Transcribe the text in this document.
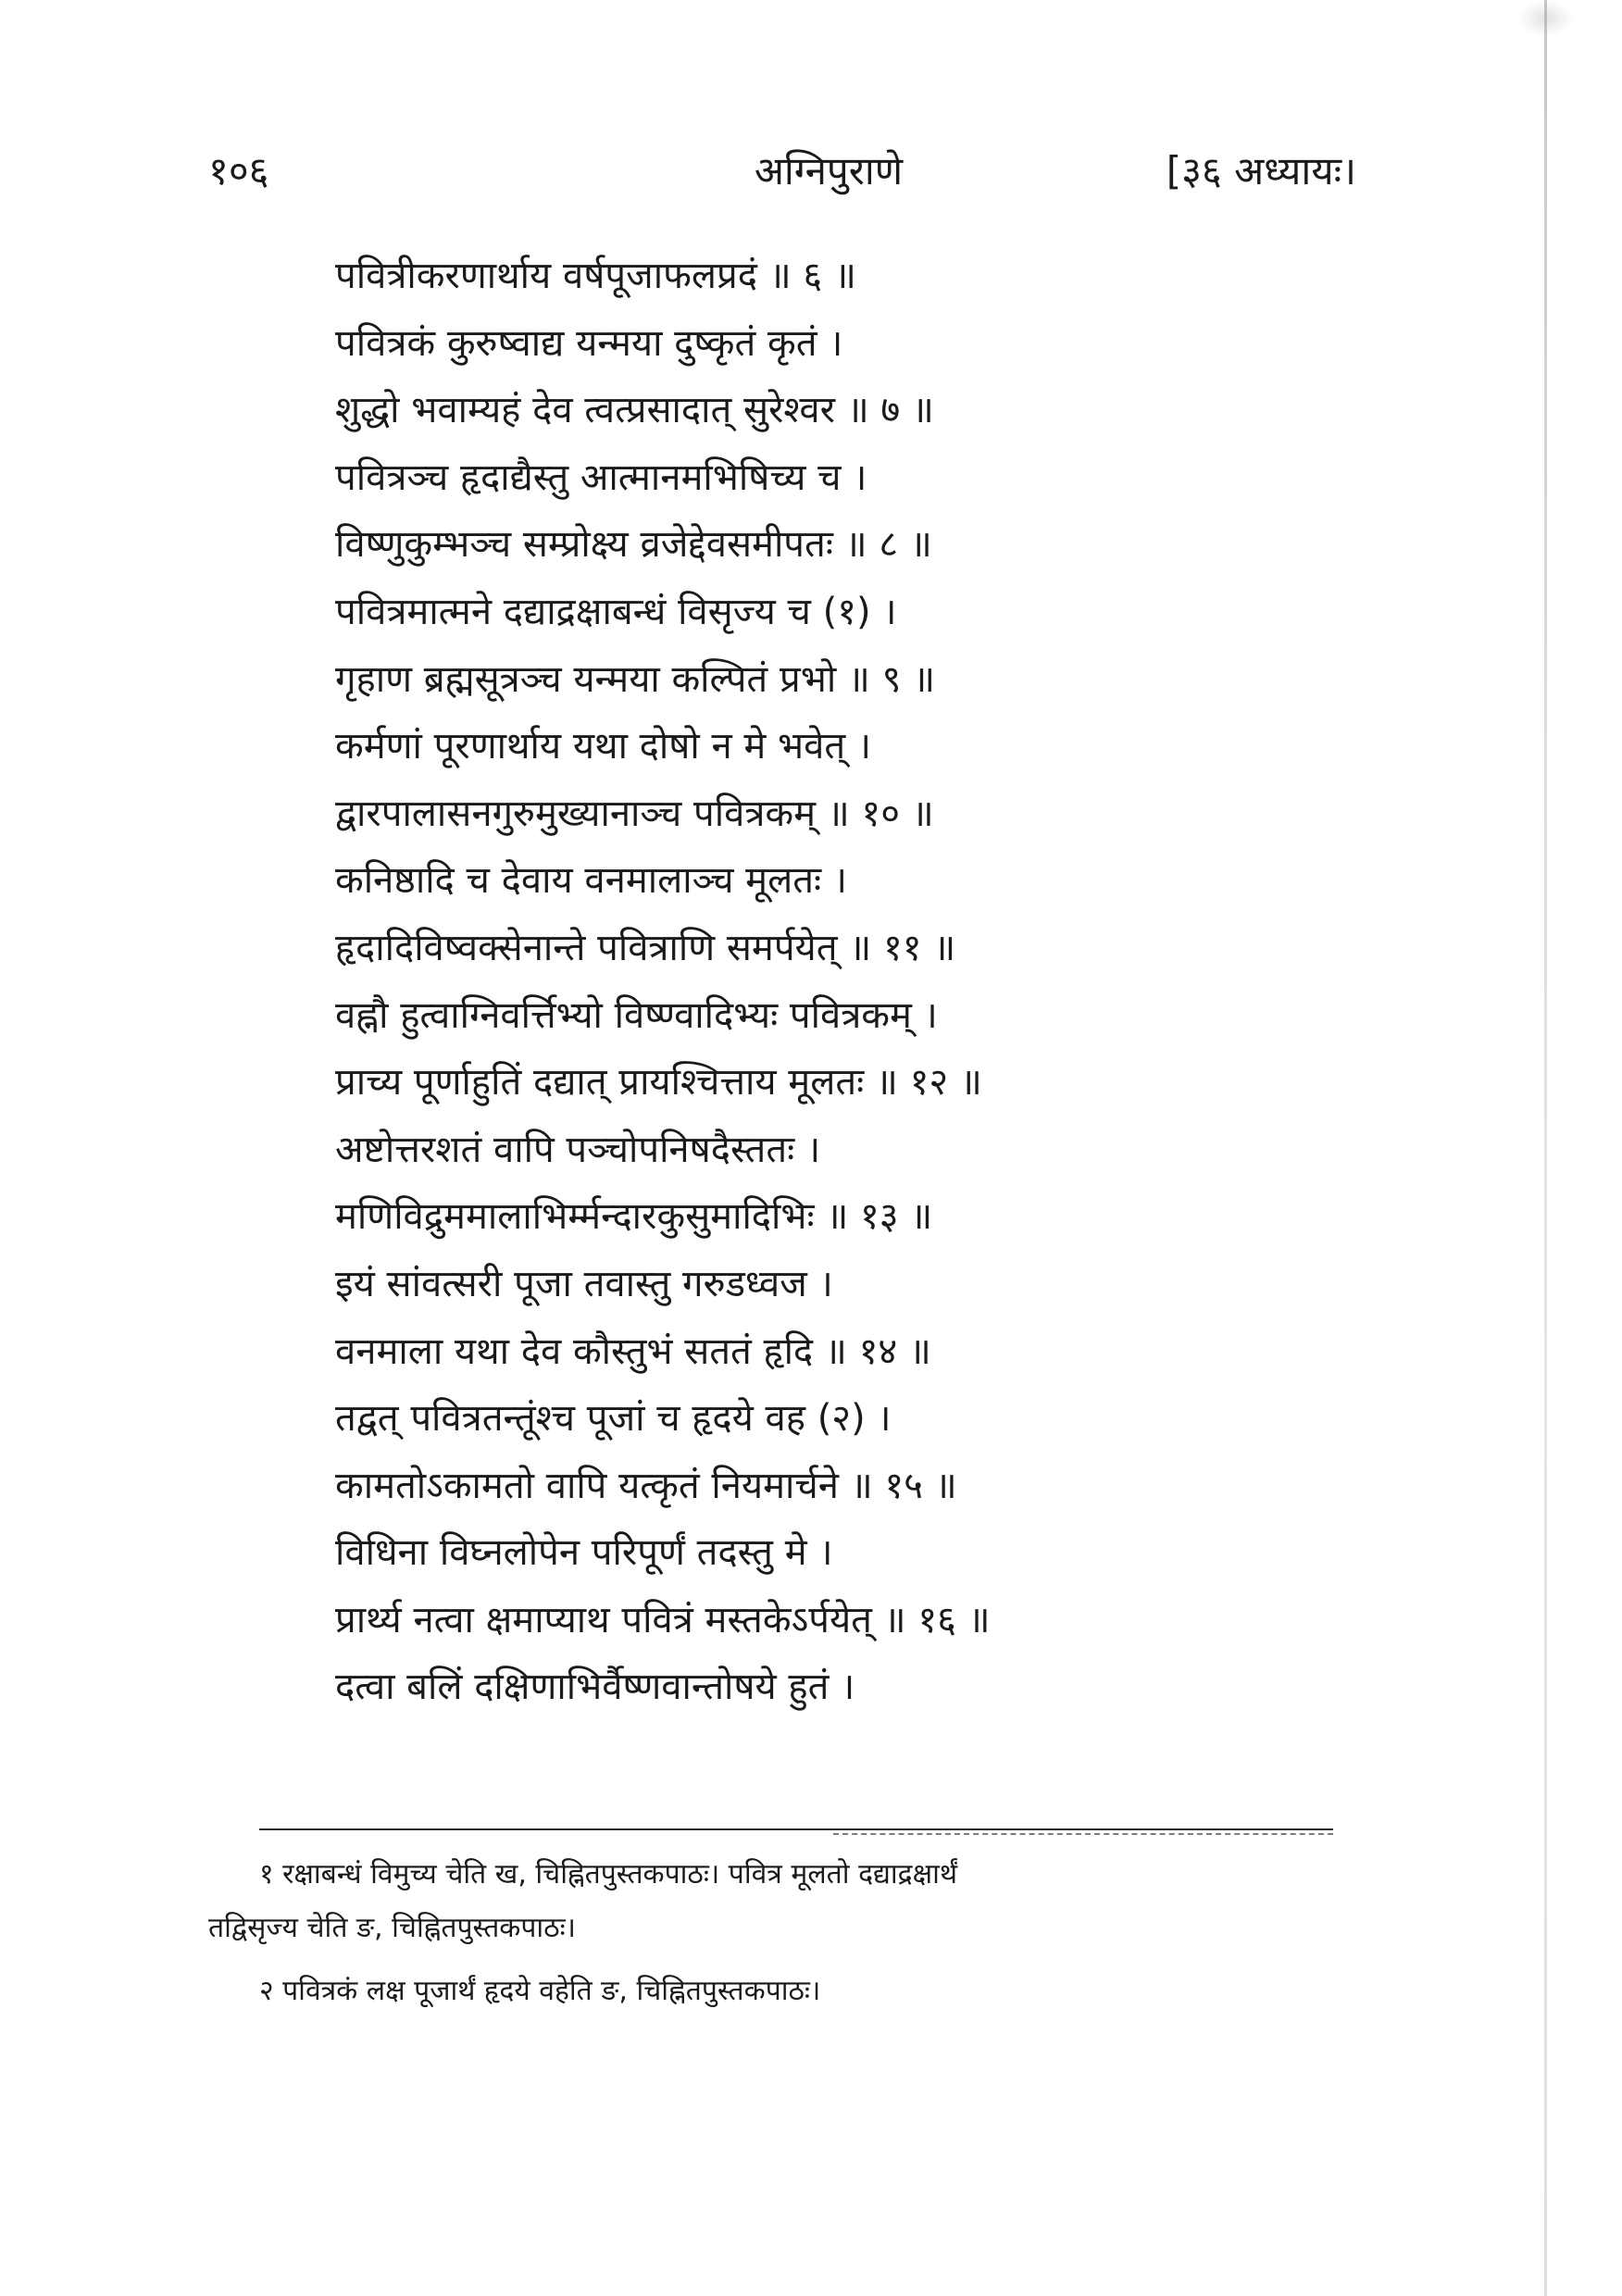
१०६	अग्निपुराणे	[३६ अध्यायः।
पवित्रीकरणार्थाय वर्षपूजाफलप्रदं ॥ ६ ॥
पवित्रकं कुरुष्वाद्य यन्मया दुष्कृतं कृतं ।
शुद्धो भवाम्यहं देव त्वत्प्रसादात् सुरेश्वर ॥ ७ ॥
पवित्रञ्च हृदाद्यैस्तु आत्मानमभिषिच्य च ।
विष्णुकुम्भञ्च सम्प्रोक्ष्य व्रजेद्देवसमीपतः ॥ ८ ॥
पवित्रमात्मने दद्याद्रक्षाबन्धं विसृज्य च (१) ।
गृहाण ब्रह्मसूत्रञ्च यन्मया कल्पितं प्रभो ॥ ९ ॥
कर्मणां पूरणार्थाय यथा दोषो न मे भवेत् ।
द्वारपालासनगुरुमुख्यानाञ्च पवित्रकम् ॥ १० ॥
कनिष्ठादि च देवाय वनमालाञ्च मूलतः ।
हृदादिविष्वक्सेनान्ते पवित्राणि समर्पयेत् ॥ ११ ॥
वह्नौ हुत्वाग्निवर्त्तिभ्यो विष्ण्वादिभ्यः पवित्रकम् ।
प्राच्य पूर्णाहुतिं दद्यात् प्रायश्चित्ताय मूलतः ॥ १२ ॥
अष्टोत्तरशतं वापि पञ्चोपनिषदैस्ततः ।
मणिविद्रुममालाभिर्म्मन्दारकुसुमादिभिः ॥ १३ ॥
इयं सांवत्सरी पूजा तवास्तु गरुडध्वज ।
वनमाला यथा देव कौस्तुभं सततं हृदि ॥ १४ ॥
तद्वत् पवित्रतन्तूंश्च पूजां च हृदये वह (२) ।
कामतोऽकामतो वापि यत्कृतं नियमार्चने ॥ १५ ॥
विधिना विघ्नलोपेन परिपूर्णं तदस्तु मे ।
प्रार्थ्य नत्वा क्षमाप्याथ पवित्रं मस्तकेऽर्पयेत् ॥ १६ ॥
दत्वा बलिं दक्षिणाभिर्वैष्णवान्तोषये हुतं ।
१ रक्षाबन्धं विमुच्य चेति ख, चिह्नितपुस्तकपाठः। पवित्र मूलतो दद्याद्रक्षार्थं
तद्विसृज्य चेति ङ, चिह्नितपुस्तकपाठः।
२ पवित्रकं लक्ष पूजार्थं हृदये वहेति ङ, चिह्नितपुस्तकपाठः।
